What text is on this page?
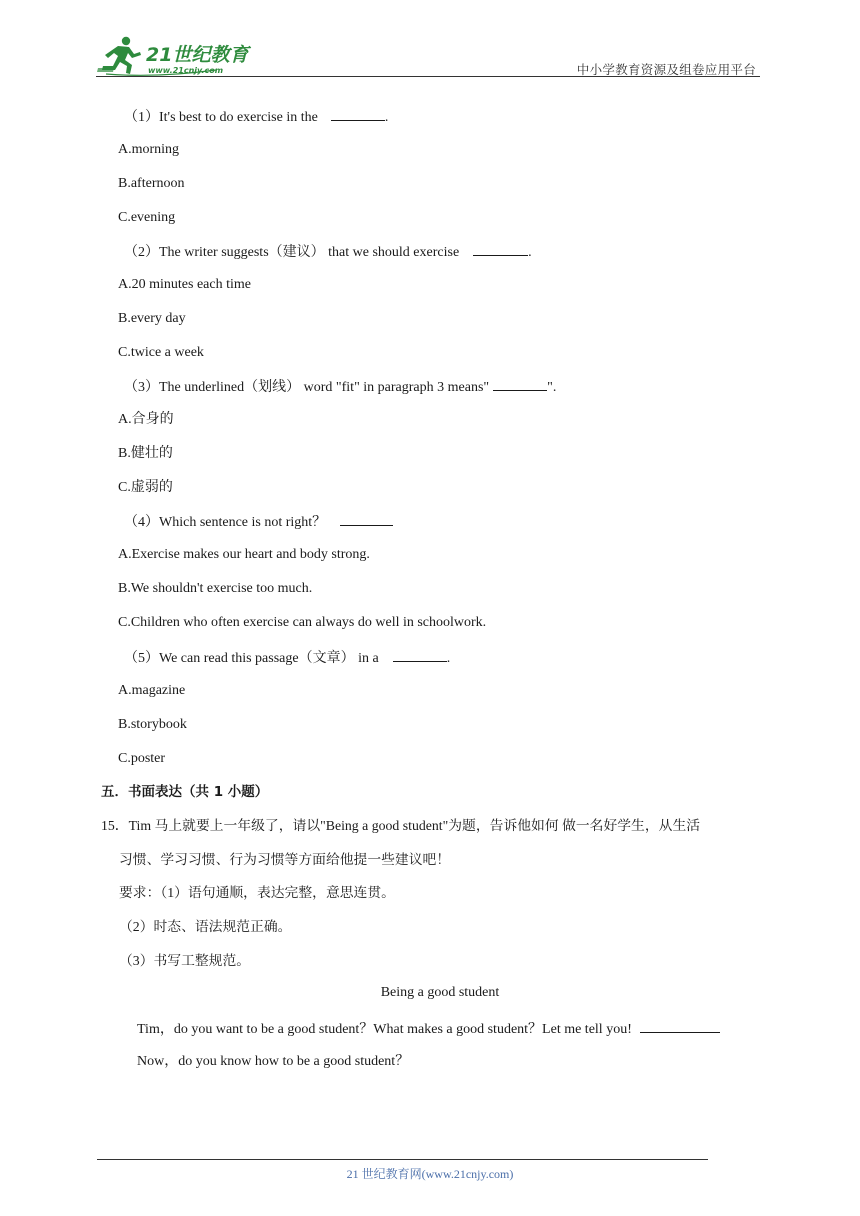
21世纪教育
www.21cnjy.com	中小学教育资源及组卷应用平台
（1）It's best to do exercise in the	.
A.morning
B.afternoon
C.evening
（2）The writer suggests（建议） that we should exercise	.
A.20 minutes each time
B.every day
C.twice a week
（3）The underlined（划线） word "fit" in paragraph 3 means"	".
A.合身的
B.健壮的
C.虚弱的
（4）Which sentence is not right？
A.Exercise makes our heart and body strong.
B.We shouldn't exercise too much.
C.Children who often exercise can always do well in schoolwork.
（5）We can read this passage（文章） in a	.
A.magazine
B.storybook
C.poster
五．书面表达（共 1 小题）
15．Tim 马上就要上一年级了，请以"Being a good student"为题，告诉他如何 做一名好学生，从生活
习惯、学习习惯、行为习惯等方面给他提一些建议吧！
要求：（1）语句通顺，表达完整，意思连贯。
（2）时态、语法规范正确。
（3）书写工整规范。
Being a good student
Tim，do you want to be a good student？What makes a good student？Let me tell you!
Now，do you know how to be a good student？
21 世纪教育网(www.21cnjy.com)
